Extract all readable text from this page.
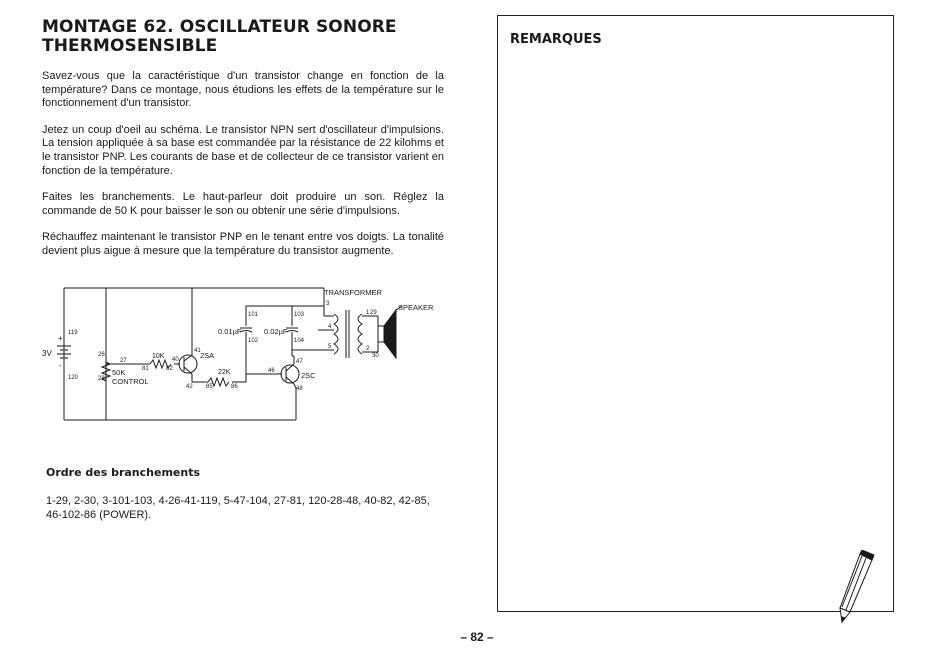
MONTAGE 62. OSCILLATEUR SONORE
THERMOSENSIBLE

Savez-vous que la caractéristique d'un transistor change en fonction de la température? Dans ce montage, nous étudions les effets de la température sur le fonctionnement d'un transistor.

Jetez un coup d'oeil au schéma. Le transistor NPN sert d'oscillateur d'impulsions. La tension appliquée à sa base est commandée par la résistance de 22 kilohms et le transistor PNP. Les courants de base et de collecteur de ce transistor varient en fonction de la température.

Faites les branchements. Le haut-parleur doit produire un son. Réglez la commande de 50 K pour baisser le son ou obtenir une série d'impulsions.

Réchauffez maintenant le transistor PNP en le tenant entre vos doigts. La tonalité devient plus aigue à mesure que la température du transistor augmente.

TRANSFORMER
SPEAKER
3V
+
-
0.01µF	0.02µF
10K
22K
50K
CONTROL
2SA
2SC
119
120
26
27
28
81	82
40
41
42 85	86
46
47
48
101
102
103
104
3
4
5
1
2
29
30
Ordre des branchements
1-29, 2-30, 3-101-103, 4-26-41-119, 5-47-104, 27-81, 120-28-48, 40-82, 42-85, 46-102-86 (POWER).
REMARQUES
– 82 –
